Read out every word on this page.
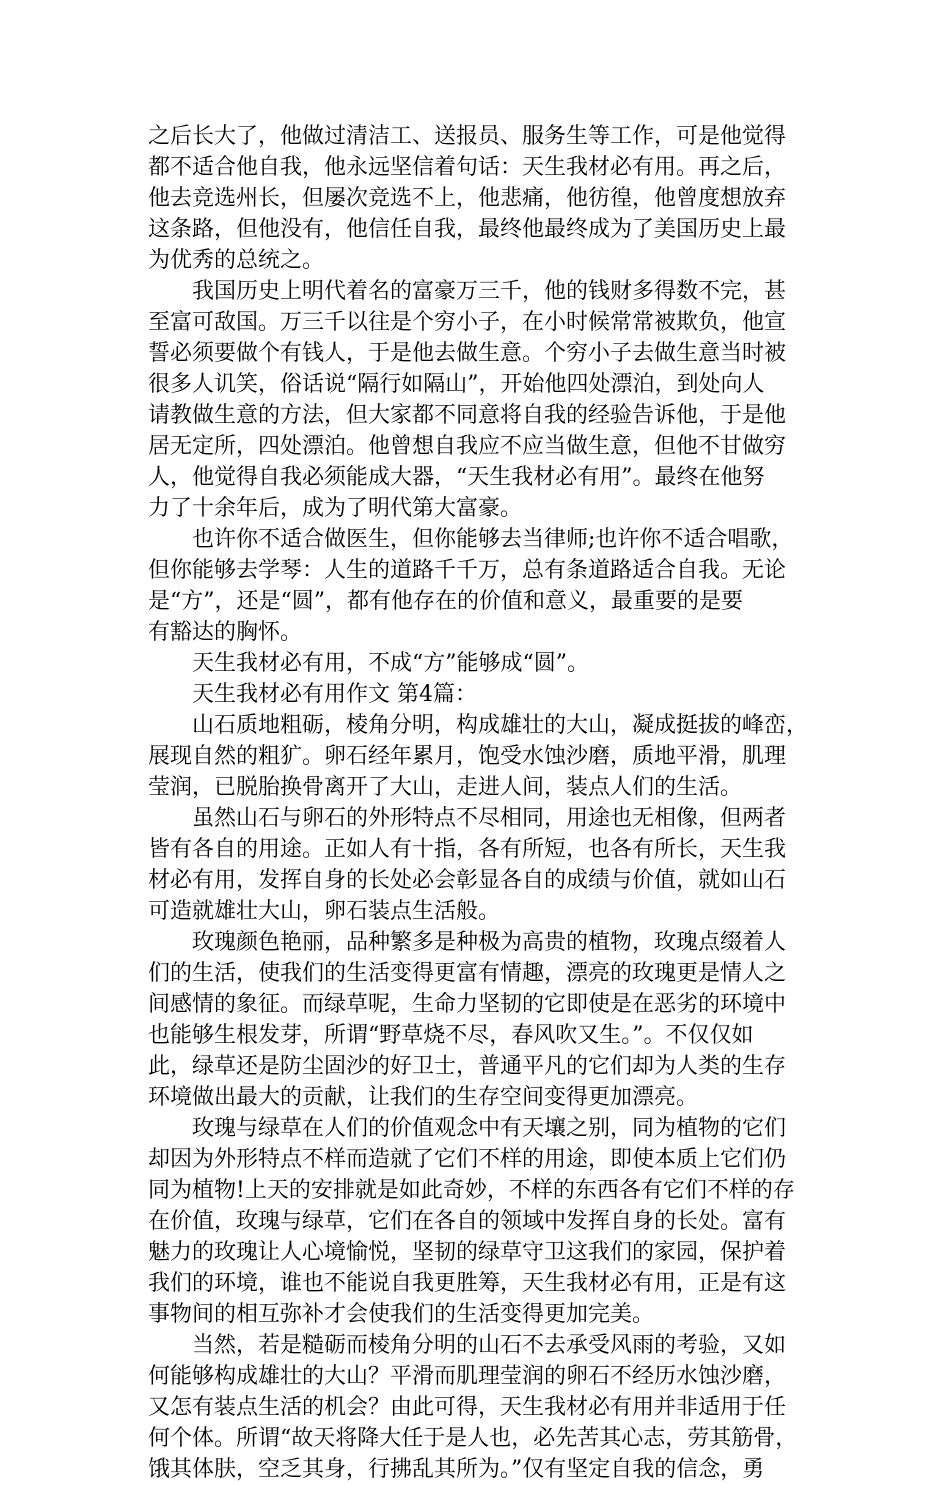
之后长大了，他做过清洁工、送报员、服务生等工作，可是他觉得
都不适合他自我，他永远坚信着句话：天生我材必有用。再之后，
他去竞选州长，但屡次竞选不上，他悲痛，他彷徨，他曾度想放弃
这条路，但他没有，他信任自我，最终他最终成为了美国历史上最
为优秀的总统之。
　　我国历史上明代着名的富豪万三千，他的钱财多得数不完，甚
至富可敌国。万三千以往是个穷小子，在小时候常常被欺负，他宣
誓必须要做个有钱人，于是他去做生意。个穷小子去做生意当时被
很多人讥笑，俗话说“隔行如隔山”，开始他四处漂泊，到处向人
请教做生意的方法，但大家都不同意将自我的经验告诉他，于是他
居无定所，四处漂泊。他曾想自我应不应当做生意，但他不甘做穷
人，他觉得自我必须能成大器，“天生我材必有用”。最终在他努
力了十余年后，成为了明代第大富豪。
　　也许你不适合做医生，但你能够去当律师;也许你不适合唱歌，
但你能够去学琴：人生的道路千千万，总有条道路适合自我。无论
是“方”，还是“圆”，都有他存在的价值和意义，最重要的是要
有豁达的胸怀。
　　天生我材必有用，不成“方”能够成“圆”。
　　天生我材必有用作文 第4篇：
　　山石质地粗砺，棱角分明，构成雄壮的大山，凝成挺拔的峰峦，
展现自然的粗犷。卵石经年累月，饱受水蚀沙磨，质地平滑，肌理
莹润，已脱胎换骨离开了大山，走进人间，装点人们的生活。
　　虽然山石与卵石的外形特点不尽相同，用途也无相像，但两者
皆有各自的用途。正如人有十指，各有所短，也各有所长，天生我
材必有用，发挥自身的长处必会彰显各自的成绩与价值，就如山石
可造就雄壮大山，卵石装点生活般。
　　玫瑰颜色艳丽，品种繁多是种极为高贵的植物，玫瑰点缀着人
们的生活，使我们的生活变得更富有情趣，漂亮的玫瑰更是情人之
间感情的象征。而绿草呢，生命力坚韧的它即使是在恶劣的环境中
也能够生根发芽，所谓“野草烧不尽，春风吹又生。”。不仅仅如
此，绿草还是防尘固沙的好卫士，普通平凡的它们却为人类的生存
环境做出最大的贡献，让我们的生存空间变得更加漂亮。
　　玫瑰与绿草在人们的价值观念中有天壤之别，同为植物的它们
却因为外形特点不样而造就了它们不样的用途，即使本质上它们仍
同为植物!上天的安排就是如此奇妙，不样的东西各有它们不样的存
在价值，玫瑰与绿草，它们在各自的领域中发挥自身的长处。富有
魅力的玫瑰让人心境愉悦，坚韧的绿草守卫这我们的家园，保护着
我们的环境，谁也不能说自我更胜筹，天生我材必有用，正是有这
事物间的相互弥补才会使我们的生活变得更加完美。
　　当然，若是糙砺而棱角分明的山石不去承受风雨的考验，又如
何能够构成雄壮的大山？平滑而肌理莹润的卵石不经历水蚀沙磨，
又怎有装点生活的机会？由此可得，天生我材必有用并非适用于任
何个体。所谓“故天将降大任于是人也，必先苦其心志，劳其筋骨，
饿其体肤，空乏其身，行拂乱其所为。”仅有坚定自我的信念，勇
